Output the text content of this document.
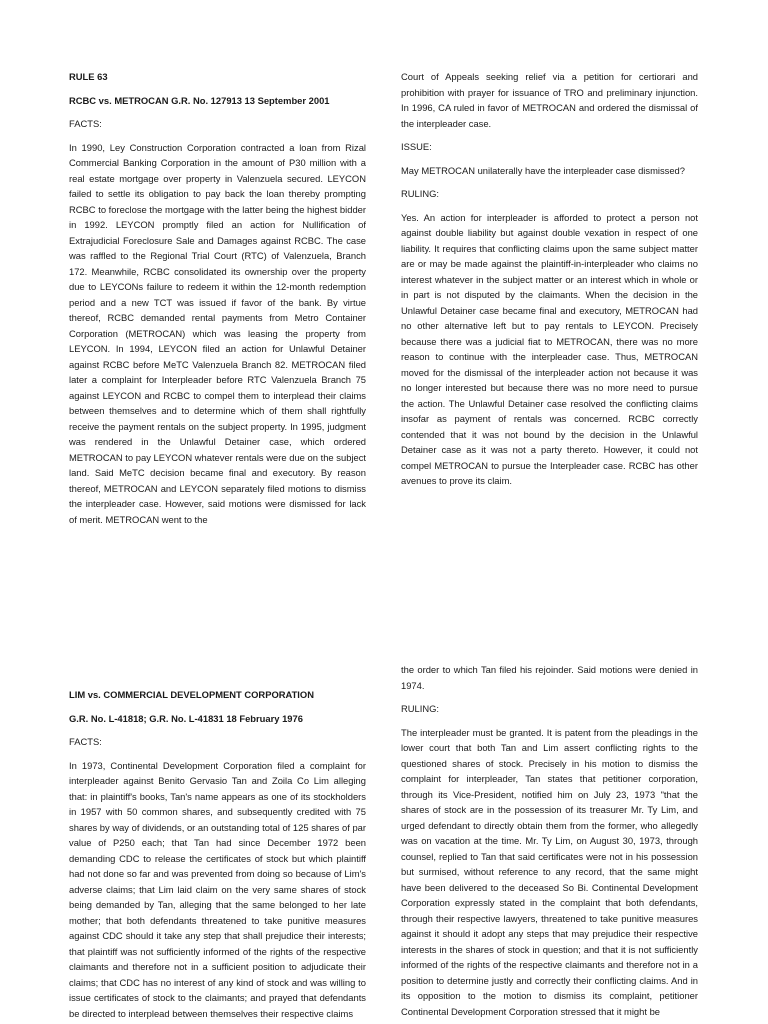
RULE 63

RCBC vs. METROCAN G.R. No. 127913 13 September 2001

FACTS:

In 1990, Ley Construction Corporation contracted a loan from Rizal Commercial Banking Corporation in the amount of P30 million with a real estate mortgage over property in Valenzuela secured. LEYCON failed to settle its obligation to pay back the loan thereby prompting RCBC to foreclose the mortgage with the latter being the highest bidder in 1992. LEYCON promptly filed an action for Nullification of Extrajudicial Foreclosure Sale and Damages against RCBC. The case was raffled to the Regional Trial Court (RTC) of Valenzuela, Branch 172. Meanwhile, RCBC consolidated its ownership over the property due to LEYCONs failure to redeem it within the 12-month redemption period and a new TCT was issued if favor of the bank. By virtue thereof, RCBC demanded rental payments from Metro Container Corporation (METROCAN) which was leasing the property from LEYCON. In 1994, LEYCON filed an action for Unlawful Detainer against RCBC before MeTC Valenzuela Branch 82. METROCAN filed later a complaint for Interpleader before RTC Valenzuela Branch 75 against LEYCON and RCBC to compel them to interplead their claims between themselves and to determine which of them shall rightfully receive the payment rentals on the subject property. In 1995, judgment was rendered in the Unlawful Detainer case, which ordered METROCAN to pay LEYCON whatever rentals were due on the subject land. Said MeTC decision became final and executory. By reason thereof, METROCAN and LEYCON separately filed motions to dismiss the interpleader case. However, said motions were dismissed for lack of merit. METROCAN went to the

Court of Appeals seeking relief via a petition for certiorari and prohibition with prayer for issuance of TRO and preliminary injunction. In 1996, CA ruled in favor of METROCAN and ordered the dismissal of the interpleader case.

ISSUE:

May METROCAN unilaterally have the interpleader case dismissed?

RULING:

Yes. An action for interpleader is afforded to protect a person not against double liability but against double vexation in respect of one liability. It requires that conflicting claims upon the same subject matter are or may be made against the plaintiff-in-interpleader who claims no interest whatever in the subject matter or an interest which in whole or in part is not disputed by the claimants. When the decision in the Unlawful Detainer case became final and executory, METROCAN had no other alternative left but to pay rentals to LEYCON. Precisely because there was a judicial fiat to METROCAN, there was no more reason to continue with the interpleader case. Thus, METROCAN moved for the dismissal of the interpleader action not because it was no longer interested but because there was no more need to pursue the action. The Unlawful Detainer case resolved the conflicting claims insofar as payment of rentals was concerned. RCBC correctly contended that it was not bound by the decision in the Unlawful Detainer case as it was not a party thereto. However, it could not compel METROCAN to pursue the Interpleader case. RCBC has other avenues to prove its claim.

LIM vs. COMMERCIAL DEVELOPMENT CORPORATION

G.R. No. L-41818; G.R. No. L-41831 18 February 1976

FACTS:

In 1973, Continental Development Corporation filed a complaint for interpleader against Benito Gervasio Tan and Zoila Co Lim alleging that: in plaintiff's books, Tan's name appears as one of its stockholders in 1957 with 50 common shares, and subsequently credited with 75 shares by way of dividends, or an outstanding total of 125 shares of par value of P250 each; that Tan had since December 1972 been demanding CDC to release the certificates of stock but which plaintiff had not done so far and was prevented from doing so because of Lim's adverse claims; that Lim laid claim on the very same shares of stock being demanded by Tan, alleging that the same belonged to her late mother; that both defendants threatened to take punitive measures against CDC should it take any step that shall prejudice their interests; that plaintiff was not sufficiently informed of the rights of the respective claimants and therefore not in a sufficient position to adjudicate their claims; that CDC has no interest of any kind of stock and was willing to issue certificates of stock to the claimants; and prayed that defendants be directed to interplead between themselves their respective claims

the order to which Tan filed his rejoinder. Said motions were denied in 1974.

RULING:

The interpleader must be granted. It is patent from the pleadings in the lower court that both Tan and Lim assert conflicting rights to the questioned shares of stock. Precisely in his motion to dismiss the complaint for interpleader, Tan states that petitioner corporation, through its Vice-President, notified him on July 23, 1973 "that the shares of stock are in the possession of its treasurer Mr. Ty Lim, and urged defendant to directly obtain them from the former, who allegedly was on vacation at the time. Mr. Ty Lim, on August 30, 1973, through counsel, replied to Tan that said certificates were not in his possession but surmised, without reference to any record, that the same might have been delivered to the deceased So Bi. Continental Development Corporation expressly stated in the complaint that both defendants, through their respective lawyers, threatened to take punitive measures against it should it adopt any steps that may prejudice their respective interests in the shares of stock in question; and that it is not sufficiently informed of the rights of the respective claimants and therefore not in a position to determine justly and correctly their conflicting claims. And in its opposition to the motion to dismiss its complaint, petitioner Continental Development Corporation stressed that it might be
